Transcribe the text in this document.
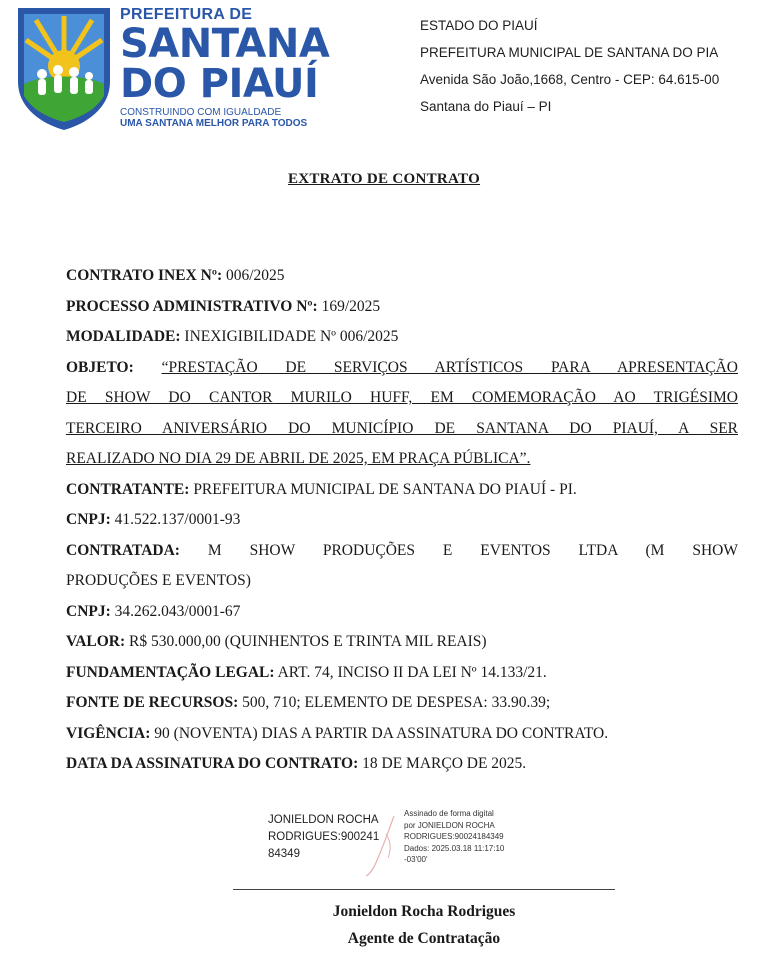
PREFEITURA DE
SANTANA
DO PIAUÍ
CONSTRUINDO COM IGUALDADE
UMA SANTANA MELHOR PARA TODOS
ESTADO DO PIAUÍ
PREFEITURA MUNICIPAL DE SANTANA DO PIA
Avenida São João,1668, Centro - CEP: 64.615-00
Santana do Piauí – PI
EXTRATO DE CONTRATO
CONTRATO INEX Nº: 006/2025
PROCESSO ADMINISTRATIVO Nº: 169/2025
MODALIDADE: INEXIGIBILIDADE Nº 006/2025
OBJETO: “PRESTAÇÃO DE SERVIÇOS ARTÍSTICOS PARA APRESENTAÇÃO
DE SHOW DO CANTOR MURILO HUFF, EM COMEMORAÇÃO AO TRIGÉSIMO
TERCEIRO ANIVERSÁRIO DO MUNICÍPIO DE SANTANA DO PIAUÍ, A SER
REALIZADO NO DIA 29 DE ABRIL DE 2025, EM PRAÇA PÚBLICA”.
CONTRATANTE: PREFEITURA MUNICIPAL DE SANTANA DO PIAUÍ - PI.
CNPJ: 41.522.137/0001-93
CONTRATADA: M SHOW PRODUÇÕES E EVENTOS LTDA (M SHOW
PRODUÇÕES E EVENTOS)
CNPJ: 34.262.043/0001-67
VALOR: R$ 530.000,00 (QUINHENTOS E TRINTA MIL REAIS)
FUNDAMENTAÇÃO LEGAL: ART. 74, INCISO II DA LEI Nº 14.133/21.
FONTE DE RECURSOS: 500, 710; ELEMENTO DE DESPESA: 33.90.39;
VIGÊNCIA: 90 (NOVENTA) DIAS A PARTIR DA ASSINATURA DO CONTRATO.
DATA DA ASSINATURA DO CONTRATO: 18 DE MARÇO DE 2025.
JONIELDON ROCHA
RODRIGUES:900241
84349
Assinado de forma digital
por JONIELDON ROCHA
RODRIGUES:90024184349
Dados: 2025.03.18 11:17:10
-03'00'
Jonieldon Rocha Rodrigues
Agente de Contratação
